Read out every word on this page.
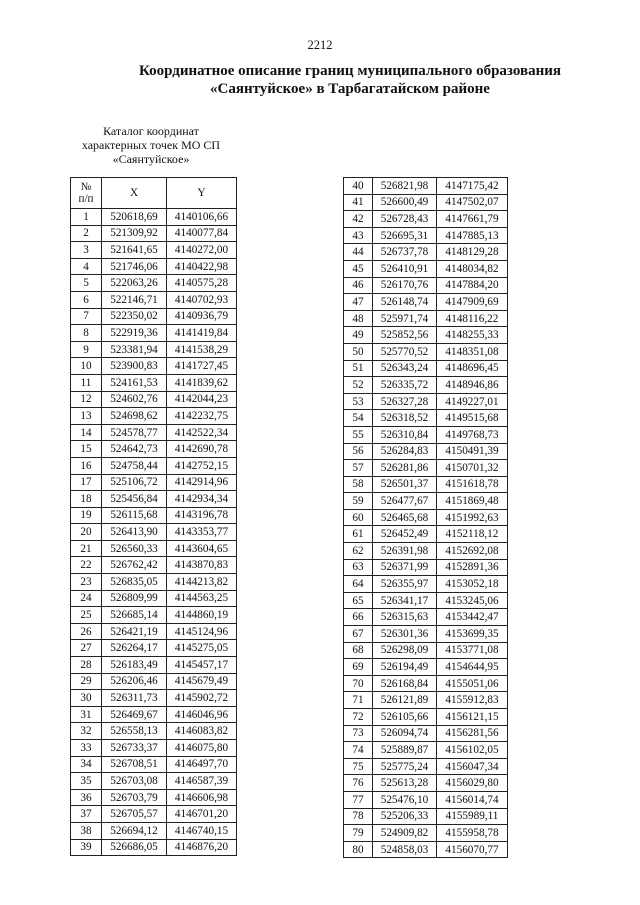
2212
Координатное описание границ муниципального образования
«Саянтуйское» в Тарбагатайском районе
Каталог координат
характерных точек МО СП
«Саянтуйское»
№
п/п	X	Y
1	520618,69	4140106,66
2	521309,92	4140077,84
3	521641,65	4140272,00
4	521746,06	4140422,98
5	522063,26	4140575,28
6	522146,71	4140702,93
7	522350,02	4140936,79
8	522919,36	4141419,84
9	523381,94	4141538,29
10	523900,83	4141727,45
11	524161,53	4141839,62
12	524602,76	4142044,23
13	524698,62	4142232,75
14	524578,77	4142522,34
15	524642,73	4142690,78
16	524758,44	4142752,15
17	525106,72	4142914,96
18	525456,84	4142934,34
19	526115,68	4143196,78
20	526413,90	4143353,77
21	526560,33	4143604,65
22	526762,42	4143870,83
23	526835,05	4144213,82
24	526809,99	4144563,25
25	526685,14	4144860,19
26	526421,19	4145124,96
27	526264,17	4145275,05
28	526183,49	4145457,17
29	526206,46	4145679,49
30	526311,73	4145902,72
31	526469,67	4146046,96
32	526558,13	4146083,82
33	526733,37	4146075,80
34	526708,51	4146497,70
35	526703,08	4146587,39
36	526703,79	4146606,98
37	526705,57	4146701,20
38	526694,12	4146740,15
39	526686,05	4146876,20
40	526821,98	4147175,42
41	526600,49	4147502,07
42	526728,43	4147661,79
43	526695,31	4147885,13
44	526737,78	4148129,28
45	526410,91	4148034,82
46	526170,76	4147884,20
47	526148,74	4147909,69
48	525971,74	4148116,22
49	525852,56	4148255,33
50	525770,52	4148351,08
51	526343,24	4148696,45
52	526335,72	4148946,86
53	526327,28	4149227,01
54	526318,52	4149515,68
55	526310,84	4149768,73
56	526284,83	4150491,39
57	526281,86	4150701,32
58	526501,37	4151618,78
59	526477,67	4151869,48
60	526465,68	4151992,63
61	526452,49	4152118,12
62	526391,98	4152692,08
63	526371,99	4152891,36
64	526355,97	4153052,18
65	526341,17	4153245,06
66	526315,63	4153442,47
67	526301,36	4153699,35
68	526298,09	4153771,08
69	526194,49	4154644,95
70	526168,84	4155051,06
71	526121,89	4155912,83
72	526105,66	4156121,15
73	526094,74	4156281,56
74	525889,87	4156102,05
75	525775,24	4156047,34
76	525613,28	4156029,80
77	525476,10	4156014,74
78	525206,33	4155989,11
79	524909,82	4155958,78
80	524858,03	4156070,77
